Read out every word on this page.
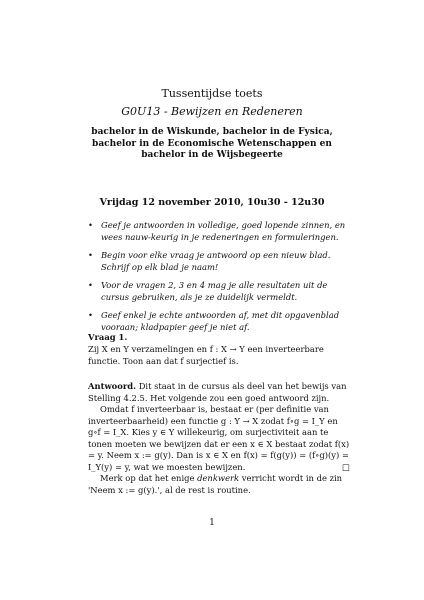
Tussentijdse toets
G0U13 - Bewijzen en Redeneren
bachelor in de Wiskunde, bachelor in de Fysica,
bachelor in de Economische Wetenschappen en
bachelor in de Wijsbegeerte
Vrijdag 12 november 2010, 10u30 - 12u30
• Geef je antwoorden in volledige, goed lopende zinnen, en wees nauw-keurig in je redeneringen en formuleringen.
• Begin voor elke vraag je antwoord op een nieuw blad. Schrijf op elk blad je naam!
• Voor de vragen 2, 3 en 4 mag je alle resultaten uit de cursus gebruiken, als je ze duidelijk vermeldt.
• Geef enkel je echte antwoorden af, met dit opgavenblad vooraan; kladpapier geef je niet af.
Vraag 1.
Zij X en Y verzamelingen en f : X → Y een inverteerbare functie. Toon aan dat f surjectief is.

Antwoord. Dit staat in de cursus als deel van het bewijs van Stelling 4.2.5. Het volgende zou een goed antwoord zijn.

Omdat f inverteerbaar is, bestaat er (per definitie van inverteerbaarheid) een functie g : Y → X zodat f∘g = I_Y en g∘f = I_X. Kies y ∈ Y willekeurig, om surjectiviteit aan te tonen moeten we bewijzen dat er een x ∈ X bestaat zodat f(x) = y. Neem x := g(y). Dan is x ∈ X en f(x) = f(g(y)) = (f∘g)(y) = I_Y(y) = y, wat we moesten bewijzen.	□

Merk op dat het enige denkwerk verricht wordt in de zin 'Neem x := g(y).', al de rest is routine.

1
